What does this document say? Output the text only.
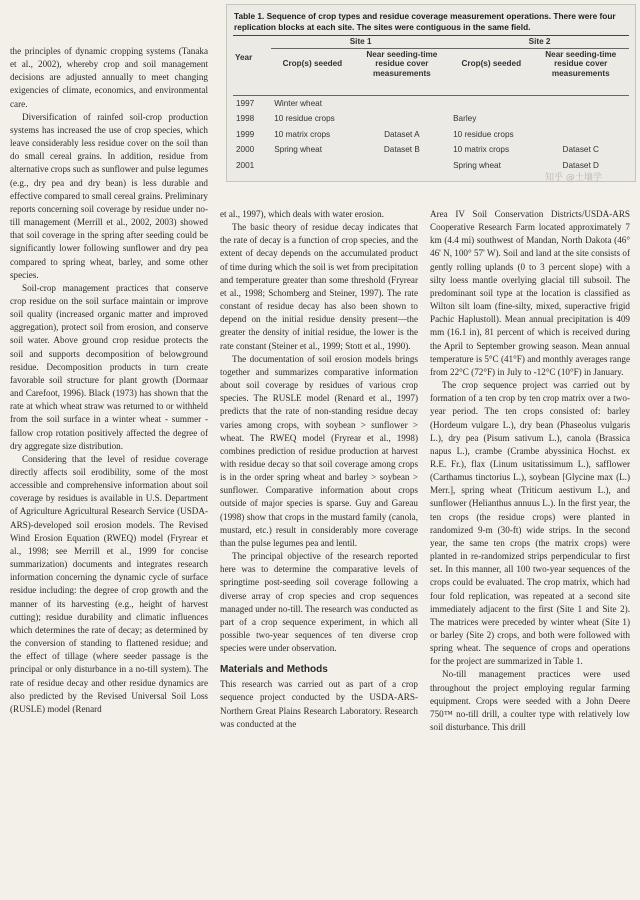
Table 1. Sequence of crop types and residue coverage measurement operations. There were four replication blocks at each site. The sites were contiguous in the same field.
Year	Site 1		Site 2	
	Crop(s) seeded	Near seeding-time residue cover measurements	Crop(s) seeded	Near seeding-time residue cover measurements

1997	Winter wheat			
1998	10 residue crops		Barley	
1999	10 matrix crops	Dataset A	10 residue crops	
2000	Spring wheat	Dataset B	10 matrix crops	Dataset C
2001			Spring wheat	Dataset D
知乎 @土壤学

the principles of dynamic cropping systems (Tanaka et al., 2002), whereby crop and soil management decisions are adjusted annually to meet changing exigencies of climate, economics, and environmental care.

Diversification of rainfed soil-crop production systems has increased the use of crop species, which leave considerably less residue cover on the soil than do small cereal grains. In addition, residue from alternative crops such as sunflower and pulse legumes (e.g., dry pea and dry bean) is less durable and effective compared to small cereal grains. Preliminary reports concerning soil coverage by residue under no-till management (Merrill et al., 2002, 2003) showed that soil coverage in the spring after seeding could be significantly lower following sunflower and dry pea compared to spring wheat, barley, and some other species.

Soil-crop management practices that conserve crop residue on the soil surface maintain or improve soil quality (increased organic matter and improved aggregation), protect soil from erosion, and conserve soil water. Above ground crop residue protects the soil and supports decomposition of belowground residue. Decomposition products in turn create favorable soil structure for plant growth (Dormaar and Carefoot, 1996). Black (1973) has shown that the rate at which wheat straw was returned to or withheld from the soil surface in a winter wheat - summer - fallow crop rotation positively affected the degree of dry aggregate size distribution.

Considering that the level of residue coverage directly affects soil erodibility, some of the most accessible and comprehensive information about soil coverage by residues is available in U.S. Department of Agriculture Agricultural Research Service (USDA-ARS)-developed soil erosion models. The Revised Wind Erosion Equation (RWEQ) model (Fryrear et al., 1998; see Merrill et al., 1999 for concise summarization) documents and integrates research information concerning the dynamic cycle of surface residue including: the degree of crop growth and the manner of its harvesting (e.g., height of harvest cutting); residue durability and climatic influences which determines the rate of decay; as determined by the conversion of standing to flattened residue; and the effect of tillage (where seeder passage is the principal or only disturbance in a no-till system). The rate of residue decay and other residue dynamics are also predicted by the Revised Universal Soil Loss (RUSLE) model (Renard

et al., 1997), which deals with water erosion.

The basic theory of residue decay indicates that the rate of decay is a function of crop species, and the extent of decay depends on the accumulated product of time during which the soil is wet from precipitation and temperature greater than some threshold (Fryrear et al., 1998; Schomberg and Steiner, 1997). The rate constant of residue decay has also been shown to depend on the initial residue density present—the greater the density of initial residue, the lower is the rate constant (Steiner et al., 1999; Stott et al., 1990).

The documentation of soil erosion models brings together and summarizes comparative information about soil coverage by residues of various crop species. The RUSLE model (Renard et al., 1997) predicts that the rate of non-standing residue decay varies among crops, with soybean > sunflower > wheat. The RWEQ model (Fryrear et al., 1998) combines prediction of residue production at harvest with residue decay so that soil coverage among crops is in the order spring wheat and barley > soybean > sunflower. Comparative information about crops outside of major species is sparse. Guy and Gareau (1998) show that crops in the mustard family (canola, mustard, etc.) result in considerably more coverage than the pulse legumes pea and lentil.

The principal objective of the research reported here was to determine the comparative levels of springtime post-seeding soil coverage following a diverse array of crop species and crop sequences managed under no-till. The research was conducted as part of a crop sequence experiment, in which all possible two-year sequences of ten diverse crop species were under observation.

Materials and Methods

This research was carried out as part of a crop sequence project conducted by the USDA-ARS-Northern Great Plains Research Laboratory. Research was conducted at the

Area IV Soil Conservation Districts/USDA-ARS Cooperative Research Farm located approximately 7 km (4.4 mi) southwest of Mandan, North Dakota (46° 46' N, 100° 57' W). Soil and land at the site consists of gently rolling uplands (0 to 3 percent slope) with a silty loess mantle overlying glacial till subsoil. The predominant soil type at the location is classified as Wilton silt loam (fine-silty, mixed, superactive frigid Pachic Haplustoll). Mean annual precipitation is 409 mm (16.1 in), 81 percent of which is received during the April to September growing season. Mean annual temperature is 5°C (41°F) and monthly averages range from 22°C (72°F) in July to -12°C (10°F) in January.

The crop sequence project was carried out by formation of a ten crop by ten crop matrix over a two-year period. The ten crops consisted of: barley (Hordeum vulgare L.), dry bean (Phaseolus vulgaris L.), dry pea (Pisum sativum L.), canola (Brassica napus L.), crambe (Crambe abyssinica Hochst. ex R.E. Fr.), flax (Linum usitatissimum L.), safflower (Carthamus tinctorius L.), soybean [Glycine max (L.) Merr.], spring wheat (Triticum aestivum L.), and sunflower (Helianthus annuus L.). In the first year, the ten crops (the residue crops) were planted in randomized 9-m (30-ft) wide strips. In the second year, the same ten crops (the matrix crops) were planted in re-randomized strips perpendicular to first set. In this manner, all 100 two-year sequences of the crops could be evaluated. The crop matrix, which had four fold replication, was repeated at a second site immediately adjacent to the first (Site 1 and Site 2). The matrices were preceded by winter wheat (Site 1) or barley (Site 2) crops, and both were followed with spring wheat. The sequence of crops and operations for the project are summarized in Table 1.

No-till management practices were used throughout the project employing regular farming equipment. Crops were seeded with a John Deere 750™ no-till drill, a coulter type with relatively low soil disturbance. This drill
